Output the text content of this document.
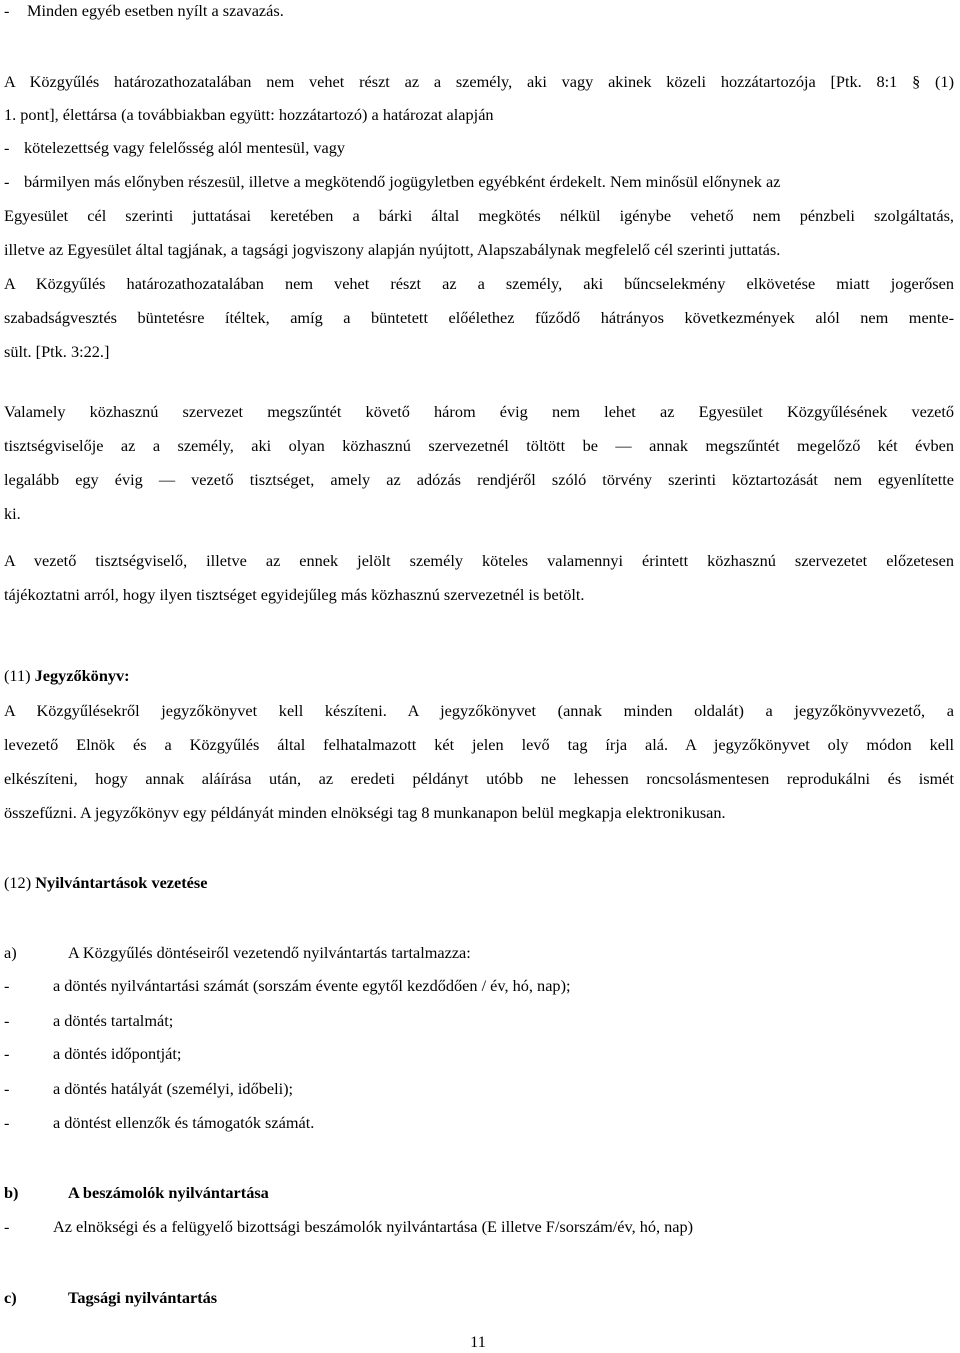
- Minden egyéb esetben nyílt a szavazás.
A Közgyűlés határozathozatalában nem vehet részt az a személy, aki vagy akinek közeli hozzátartozója [Ptk. 8:1 § (1)
1. pont], élettársa (a továbbiakban együtt: hozzátartozó) a határozat alapján
- kötelezettség vagy felelősség alól mentesül, vagy
- bármilyen más előnyben részesül, illetve a megkötendő jogügyletben egyébként érdekelt. Nem minősül előnynek az
Egyesület cél szerinti juttatásai keretében a bárki által megkötés nélkül igénybe vehető nem pénzbeli szolgáltatás,
illetve az Egyesület által tagjának, a tagsági jogviszony alapján nyújtott, Alapszabálynak megfelelő cél szerinti juttatás.
A Közgyűlés határozathozatalában nem vehet részt az a személy, aki bűncselekmény elkövetése miatt jogerősen
szabadságvesztés büntetésre ítéltek, amíg a büntetett előélethez fűződő hátrányos következmények alól nem mente-
sült. [Ptk. 3:22.]
Valamely közhasznú szervezet megszűntét követő három évig nem lehet az Egyesület Közgyűlésének vezető
tisztségviselője az a személy, aki olyan közhasznú szervezetnél töltött be — annak megszűntét megelőző két évben
legalább egy évig — vezető tisztséget, amely az adózás rendjéről szóló törvény szerinti köztartozását nem egyenlítette
ki.
A vezető tisztségviselő, illetve az ennek jelölt személy köteles valamennyi érintett közhasznú szervezetet előzetesen
tájékoztatni arról, hogy ilyen tisztséget egyidejűleg más közhasznú szervezetnél is betölt.
(11) Jegyzőkönyv:
A Közgyűlésekről jegyzőkönyvet kell készíteni. A jegyzőkönyvet (annak minden oldalát) a jegyzőkönyvvezető, a
levezető Elnök és a Közgyűlés által felhatalmazott két jelen levő tag írja alá. A jegyzőkönyvet oly módon kell
elkészíteni, hogy annak aláírása után, az eredeti példányt utóbb ne lehessen roncsolásmentesen reprodukálni és ismét
összefűzni. A jegyzőkönyv egy példányát minden elnökségi tag 8 munkanapon belül megkapja elektronikusan.
(12) Nyilvántartások vezetése
a)	A Közgyűlés döntéseiről vezetendő nyilvántartás tartalmazza:
-	a döntés nyilvántartási számát (sorszám évente egytől kezdődően / év, hó, nap);
-	a döntés tartalmát;
-	a döntés időpontját;
-	a döntés hatályát (személyi, időbeli);
-	a döntést ellenzők és támogatók számát.
b)	A beszámolók nyilvántartása
-	Az elnökségi és a felügyelő bizottsági beszámolók nyilvántartása (E illetve F/sorszám/év, hó, nap)
c)	Tagsági nyilvántartás
11
